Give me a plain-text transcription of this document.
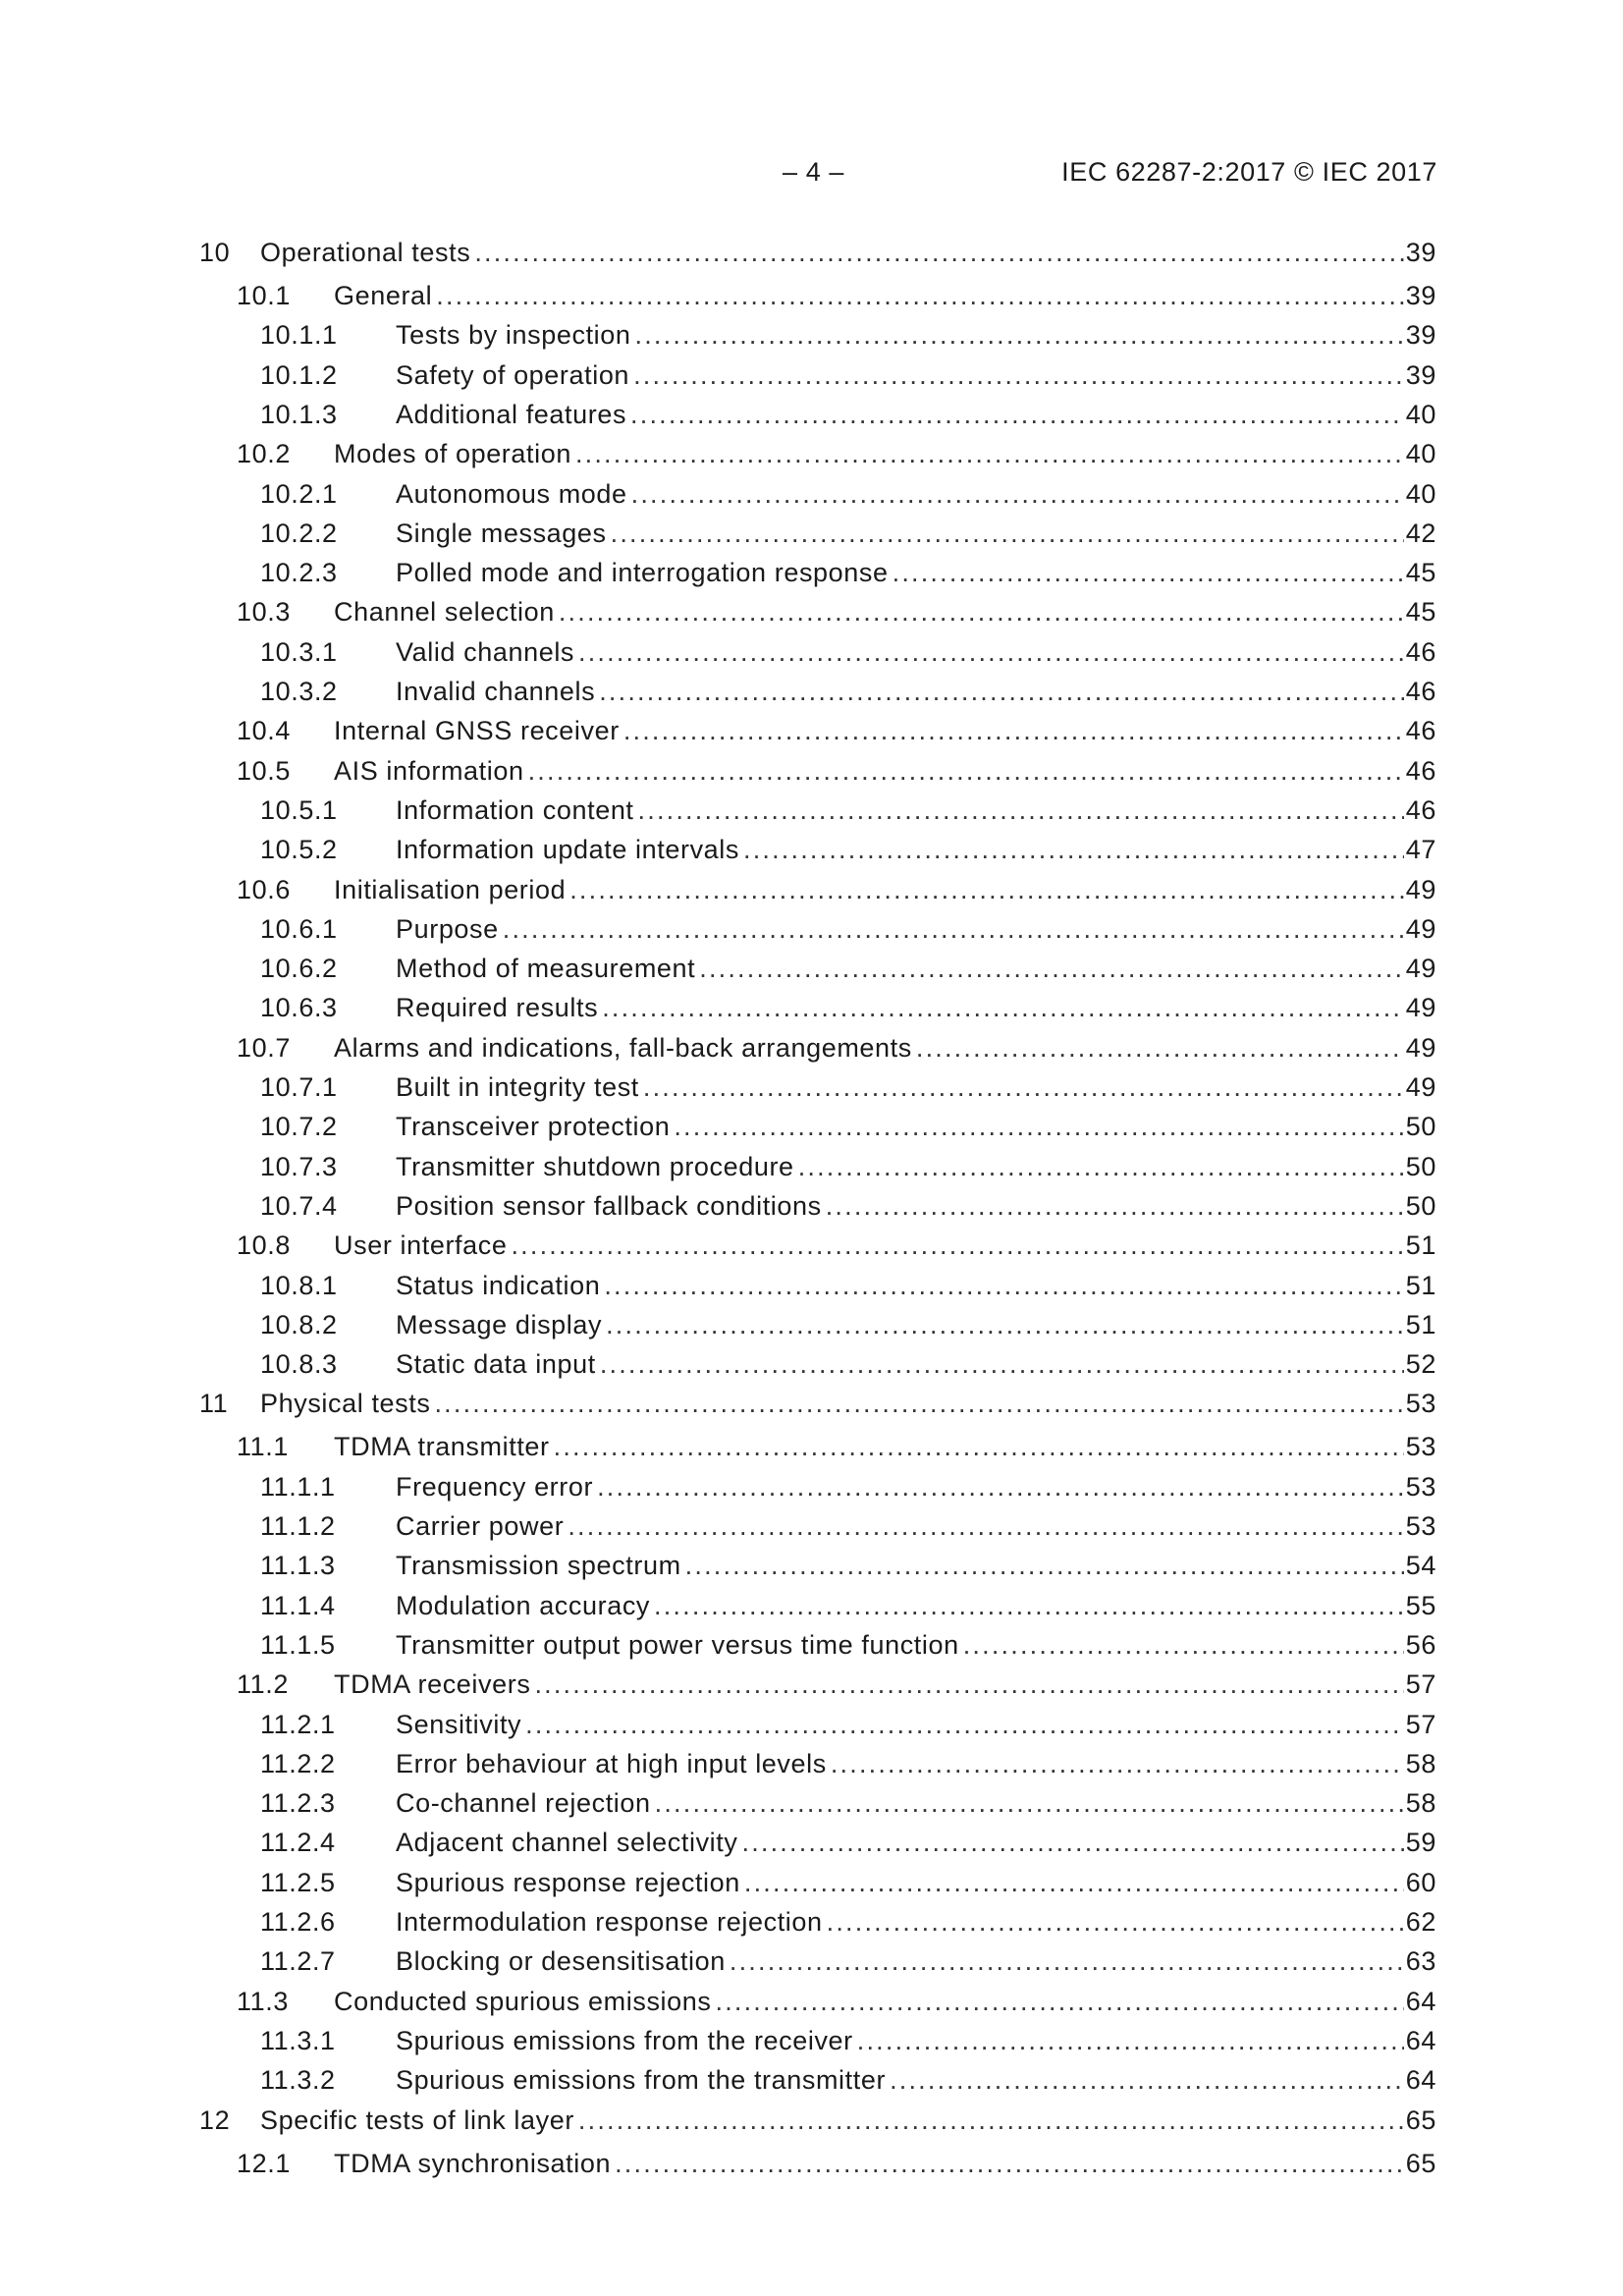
– 4 –	IEC 62287-2:2017 © IEC 2017
10 Operational tests .....	39
10.1 General .....	39
10.1.1 Tests by inspection .....	39
10.1.2 Safety of operation .....	39
10.1.3 Additional features .....	40
10.2 Modes of operation .....	40
10.2.1 Autonomous mode .....	40
10.2.2 Single messages .....	42
10.2.3 Polled mode and interrogation response .....	45
10.3 Channel selection .....	45
10.3.1 Valid channels .....	46
10.3.2 Invalid channels .....	46
10.4 Internal GNSS receiver .....	46
10.5 AIS information .....	46
10.5.1 Information content .....	46
10.5.2 Information update intervals .....	47
10.6 Initialisation period .....	49
10.6.1 Purpose .....	49
10.6.2 Method of measurement .....	49
10.6.3 Required results .....	49
10.7 Alarms and indications, fall-back arrangements .....	49
10.7.1 Built in integrity test .....	49
10.7.2 Transceiver protection .....	50
10.7.3 Transmitter shutdown procedure .....	50
10.7.4 Position sensor fallback conditions .....	50
10.8 User interface .....	51
10.8.1 Status indication .....	51
10.8.2 Message display .....	51
10.8.3 Static data input .....	52
11 Physical tests .....	53
11.1 TDMA transmitter .....	53
11.1.1 Frequency error .....	53
11.1.2 Carrier power .....	53
11.1.3 Transmission spectrum .....	54
11.1.4 Modulation accuracy .....	55
11.1.5 Transmitter output power versus time function .....	56
11.2 TDMA receivers .....	57
11.2.1 Sensitivity .....	57
11.2.2 Error behaviour at high input levels .....	58
11.2.3 Co-channel rejection .....	58
11.2.4 Adjacent channel selectivity .....	59
11.2.5 Spurious response rejection .....	60
11.2.6 Intermodulation response rejection .....	62
11.2.7 Blocking or desensitisation .....	63
11.3 Conducted spurious emissions .....	64
11.3.1 Spurious emissions from the receiver .....	64
11.3.2 Spurious emissions from the transmitter .....	64
12 Specific tests of link layer .....	65
12.1 TDMA synchronisation .....	65
